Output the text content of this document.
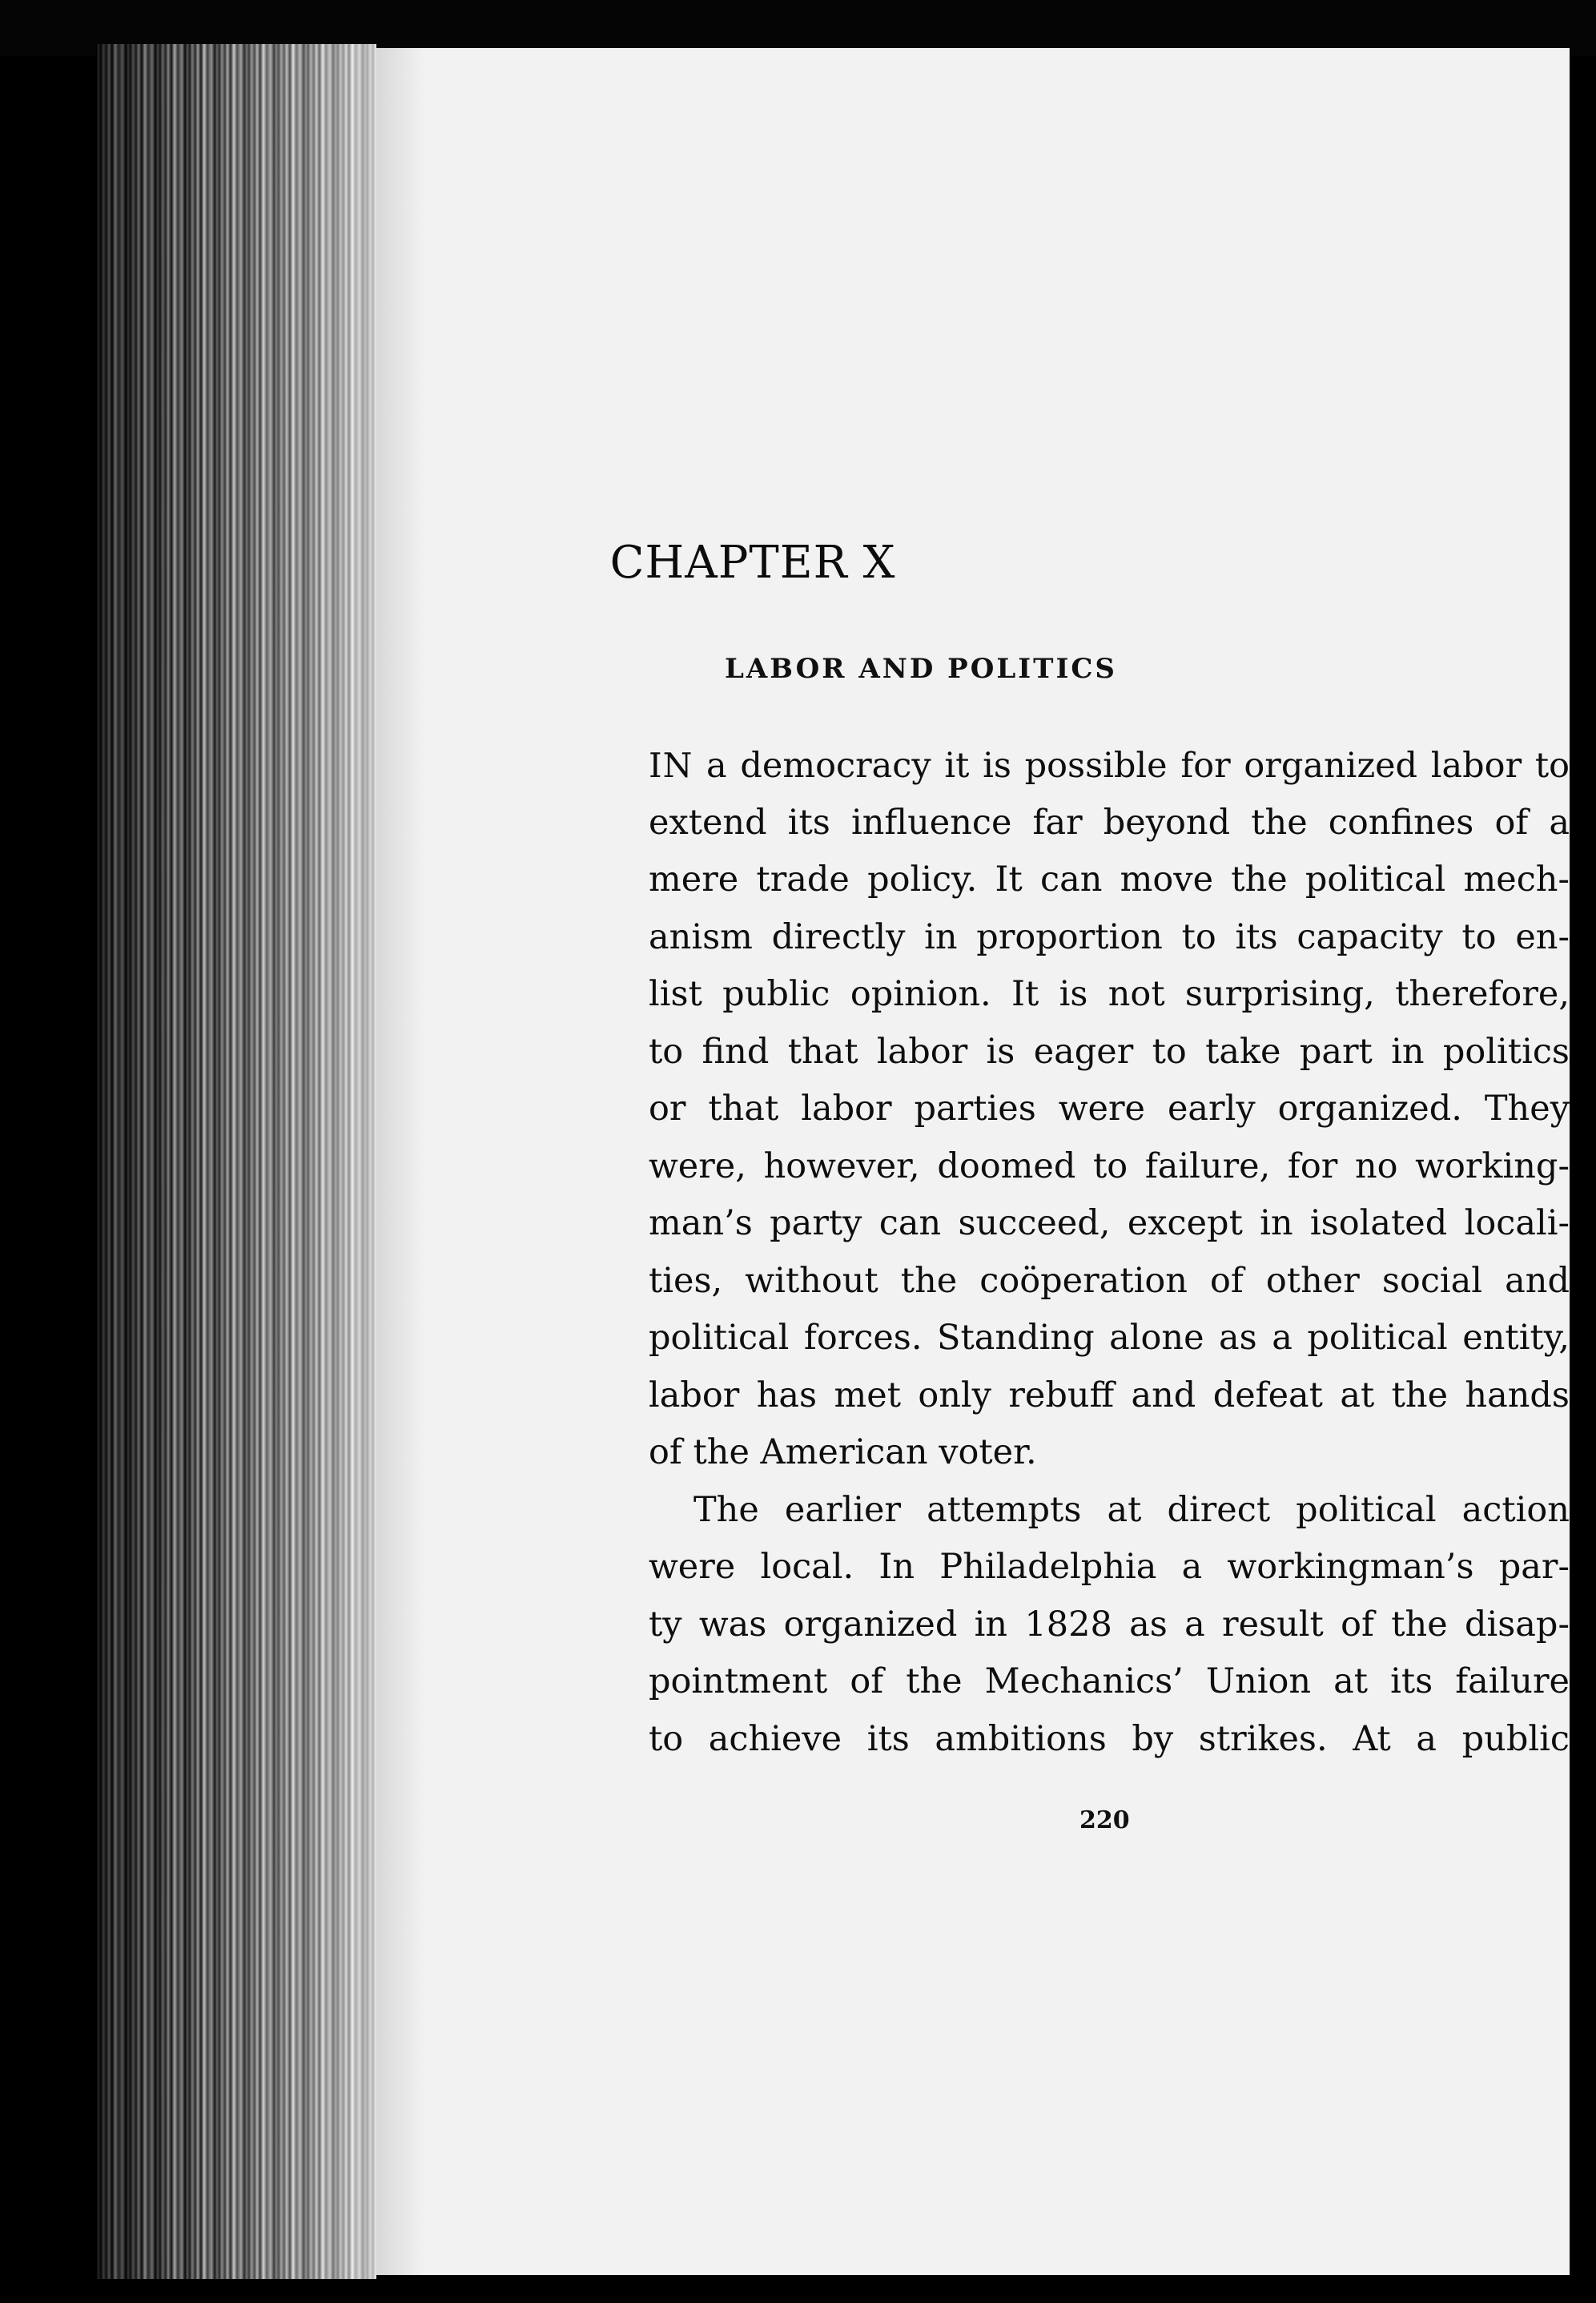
CHAPTER X
LABOR AND POLITICS
IN a democracy it is possible for organized labor to
extend its influence far beyond the confines of a
mere trade policy. It can move the political mech-
anism directly in proportion to its capacity to en-
list public opinion. It is not surprising, therefore,
to find that labor is eager to take part in politics
or that labor parties were early organized. They
were, however, doomed to failure, for no working-
man’s party can succeed, except in isolated locali-
ties, without the coöperation of other social and
political forces. Standing alone as a political entity,
labor has met only rebuff and defeat at the hands
of the American voter.
The earlier attempts at direct political action
were local. In Philadelphia a workingman’s par-
ty was organized in 1828 as a result of the disap-
pointment of the Mechanics’ Union at its failure
to achieve its ambitions by strikes. At a public

220
